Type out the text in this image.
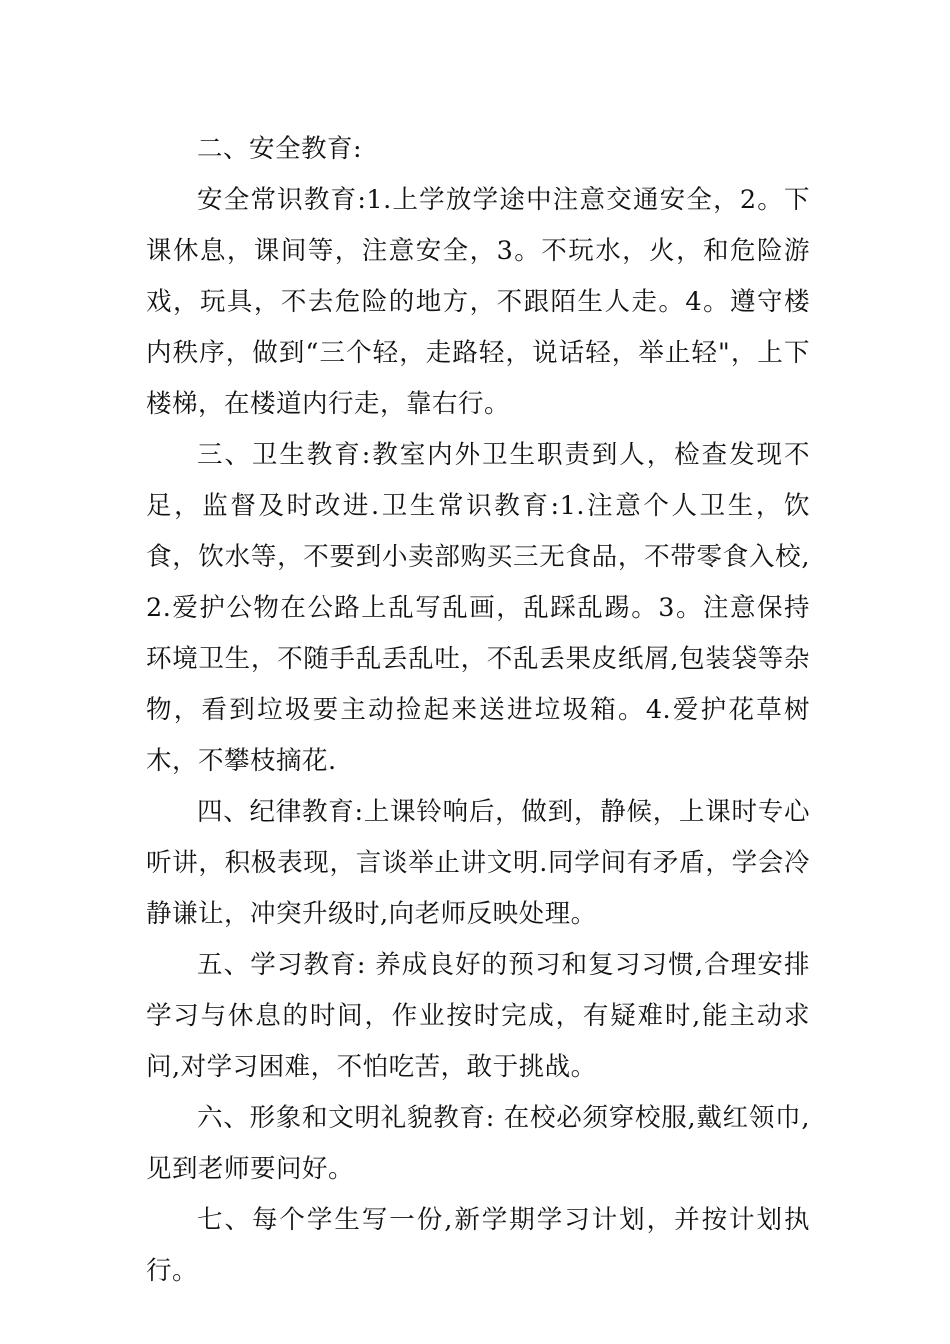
二、安全教育:

安全常识教育:1.上学放学途中注意交通安全，2。下课休息，课间等，注意安全，3。不玩水，火，和危险游戏，玩具，不去危险的地方，不跟陌生人走。4。遵守楼内秩序，做到“三个轻，走路轻，说话轻，举止轻"，上下楼梯，在楼道内行走，靠右行。

三、卫生教育:教室内外卫生职责到人，检查发现不足，监督及时改进.卫生常识教育:1.注意个人卫生，饮食，饮水等，不要到小卖部购买三无食品，不带零食入校,2.爱护公物在公路上乱写乱画，乱踩乱踢。3。注意保持环境卫生，不随手乱丢乱吐，不乱丢果皮纸屑,包装袋等杂物，看到垃圾要主动捡起来送进垃圾箱。4.爱护花草树木，不攀枝摘花.

四、纪律教育:上课铃响后，做到，静候，上课时专心听讲，积极表现，言谈举止讲文明.同学间有矛盾，学会冷静谦让，冲突升级时,向老师反映处理。

五、学习教育: 养成良好的预习和复习习惯,合理安排学习与休息的时间，作业按时完成，有疑难时,能主动求问,对学习困难，不怕吃苦，敢于挑战。

六、形象和文明礼貌教育: 在校必须穿校服,戴红领巾,见到老师要问好。

七、每个学生写一份,新学期学习计划，并按计划执行。
